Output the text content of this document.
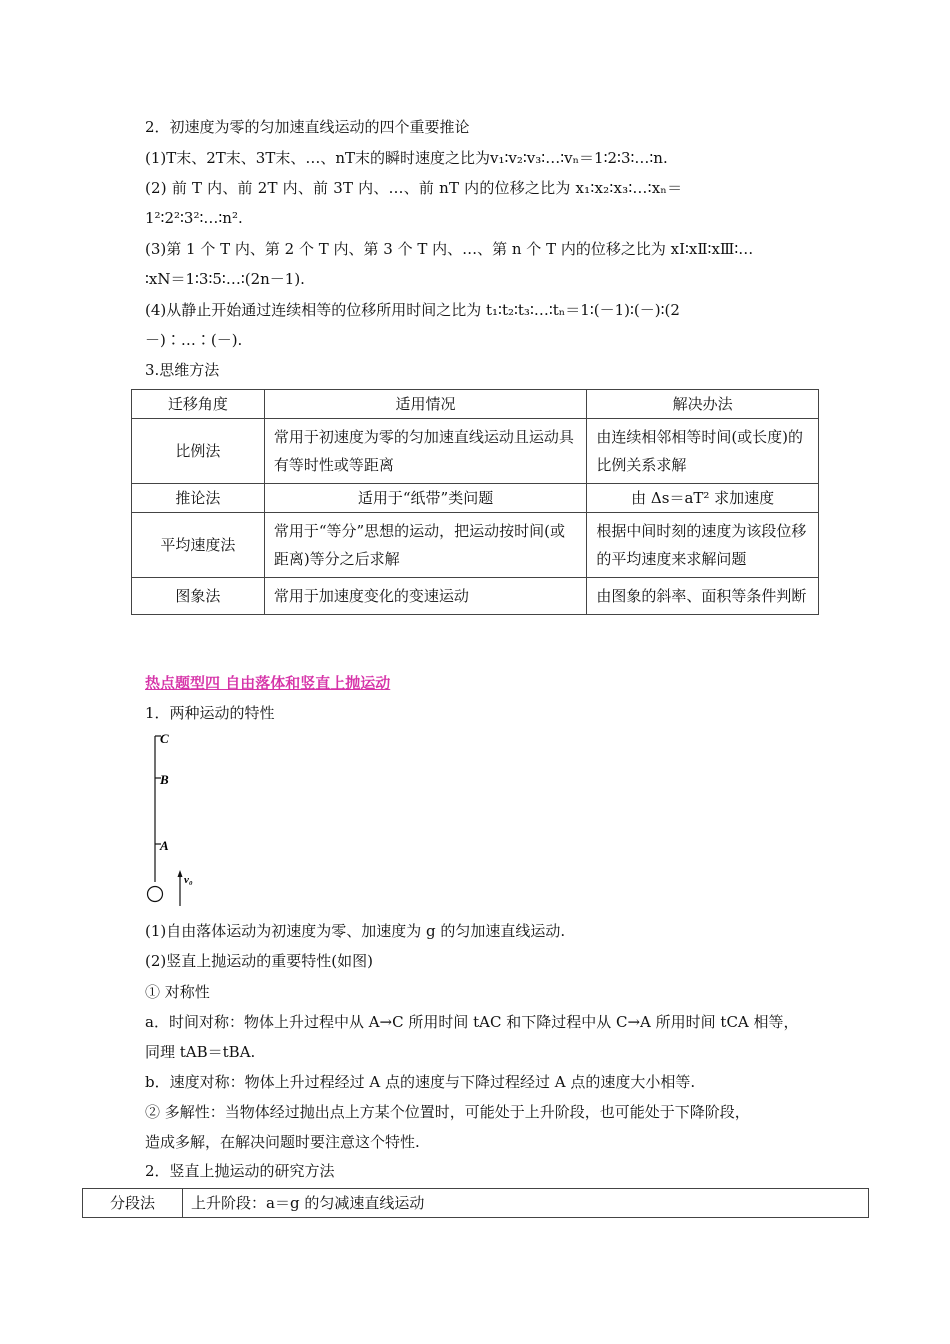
2．初速度为零的匀加速直线运动的四个重要推论
(1)T末、2T末、3T末、…、nT末的瞬时速度之比为v₁∶v₂∶v₃∶…∶vₙ＝1∶2∶3∶…∶n.
(2) 前 T 内、前 2T 内、前 3T 内、…、前 nT 内的位移之比为 x₁∶x₂∶x₃∶…∶xₙ＝
1²∶2²∶3²∶…∶n².
(3)第 1 个 T 内、第 2 个 T 内、第 3 个 T 内、…、第 n 个 T 内的位移之比为 xⅠ∶xⅡ∶xⅢ∶…
∶xN＝1∶3∶5∶…∶(2n－1).
(4)从静止开始通过连续相等的位移所用时间之比为 t₁∶t₂∶t₃∶…∶tₙ＝1∶(－1)∶(－)∶(2
－)∶…∶(－).
3.思维方法
迁移角度	适用情况	解决办法
比例法	常用于初速度为零的匀加速直线运动且运动具有等时性或等距离	由连续相邻相等时间(或长度)的比例关系求解
推论法	适用于“纸带”类问题	由 Δs＝aT² 求加速度
平均速度法	常用于“等分”思想的运动，把运动按时间(或距离)等分之后求解	根据中间时刻的速度为该段位移的平均速度来求解问题
图象法	常用于加速度变化的变速运动	由图象的斜率、面积等条件判断
热点题型四 自由落体和竖直上抛运动
1．两种运动的特性
C
B
A
v₀
(1)自由落体运动为初速度为零、加速度为 g 的匀加速直线运动.
(2)竖直上抛运动的重要特性(如图)
① 对称性
a．时间对称：物体上升过程中从 A→C 所用时间 tAC 和下降过程中从 C→A 所用时间 tCA 相等，
同理 tAB＝tBA.
b．速度对称：物体上升过程经过 A 点的速度与下降过程经过 A 点的速度大小相等.
② 多解性：当物体经过抛出点上方某个位置时，可能处于上升阶段，也可能处于下降阶段，
造成多解，在解决问题时要注意这个特性.
2．竖直上抛运动的研究方法
分段法	上升阶段：a＝g 的匀减速直线运动
